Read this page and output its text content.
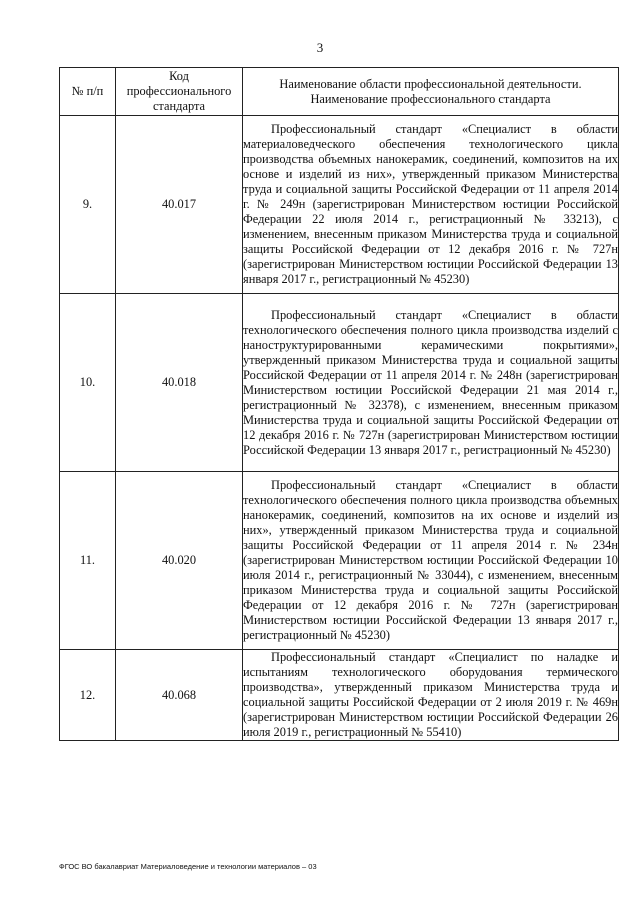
3
№ п/п	Код профессионального стандарта	Наименование области профессиональной деятельности.
Наименование профессионального стандарта

9.	40.017	Профессиональный стандарт «Специалист в области материаловедческого обеспечения технологического цикла производства объемных нанокерамик, соединений, композитов на их основе и изделий из них», утвержденный приказом Министерства труда и социальной защиты Российской Федерации от 11 апреля 2014 г. № 249н (зарегистрирован Министерством юстиции Российской Федерации 22 июля 2014 г., регистрационный № 33213), с изменением, внесенным приказом Министерства труда и социальной защиты Российской Федерации от 12 декабря 2016 г. № 727н (зарегистрирован Министерством юстиции Российской Федерации 13 января 2017 г., регистрационный № 45230)
10.	40.018	Профессиональный стандарт «Специалист в области технологического обеспечения полного цикла производства изделий с наноструктурированными керамическими покрытиями», утвержденный приказом Министерства труда и социальной защиты Российской Федерации от 11 апреля 2014 г. № 248н (зарегистрирован Министерством юстиции Российской Федерации 21 мая 2014 г., регистрационный № 32378), с изменением, внесенным приказом Министерства труда и социальной защиты Российской Федерации от 12 декабря 2016 г. № 727н (зарегистрирован Министерством юстиции Российской Федерации 13 января 2017 г., регистрационный № 45230)
11.	40.020	Профессиональный стандарт «Специалист в области технологического обеспечения полного цикла производства объемных нанокерамик, соединений, композитов на их основе и изделий из них», утвержденный приказом Министерства труда и социальной защиты Российской Федерации от 11 апреля 2014 г. № 234н (зарегистрирован Министерством юстиции Российской Федерации 10 июля 2014 г., регистрационный № 33044), с изменением, внесенным приказом Министерства труда и социальной защиты Российской Федерации от 12 декабря 2016 г. № 727н (зарегистрирован Министерством юстиции Российской Федерации 13 января 2017 г., регистрационный № 45230)
12.	40.068	Профессиональный стандарт «Специалист по наладке и испытаниям технологического оборудования термического производства», утвержденный приказом Министерства труда и социальной защиты Российской Федерации от 2 июля 2019 г. № 469н (зарегистрирован Министерством юстиции Российской Федерации 26 июля 2019 г., регистрационный № 55410)
ФГОС ВО бакалавриат Материаловедение и технологии материалов – 03
